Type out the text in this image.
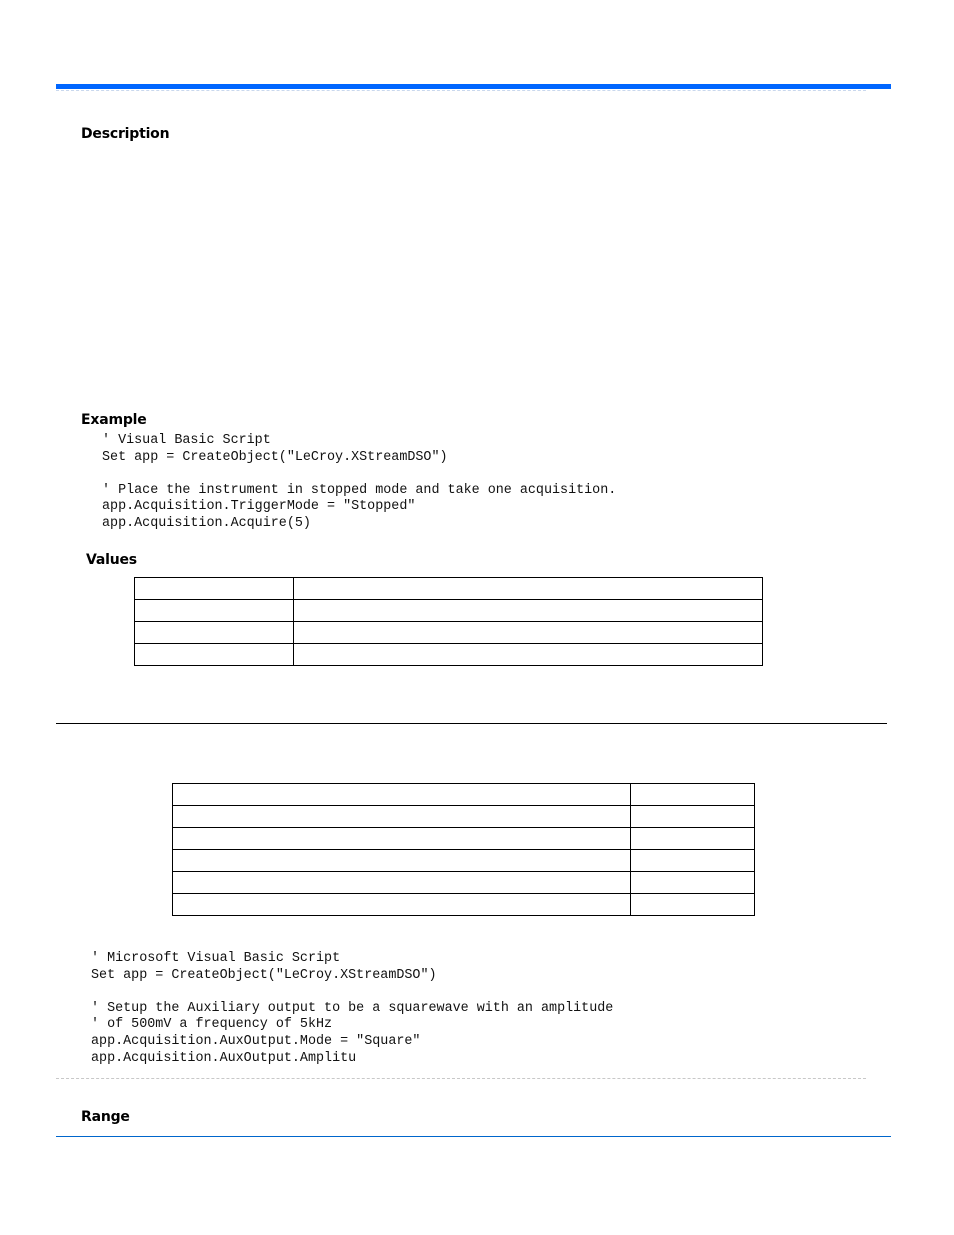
Description
Example
' Visual Basic Script
Set app = CreateObject("LeCroy.XStreamDSO")

' Place the instrument in stopped mode and take one acquisition.
app.Acquisition.TriggerMode = "Stopped"
app.Acquisition.Acquire(5)
Values

' Microsoft Visual Basic Script
Set app = CreateObject("LeCroy.XStreamDSO")

' Setup the Auxiliary output to be a squarewave with an amplitude
' of 500mV a frequency of 5kHz
app.Acquisition.AuxOutput.Mode = "Square"
app.Acquisition.AuxOutput.Amplitu
Range
